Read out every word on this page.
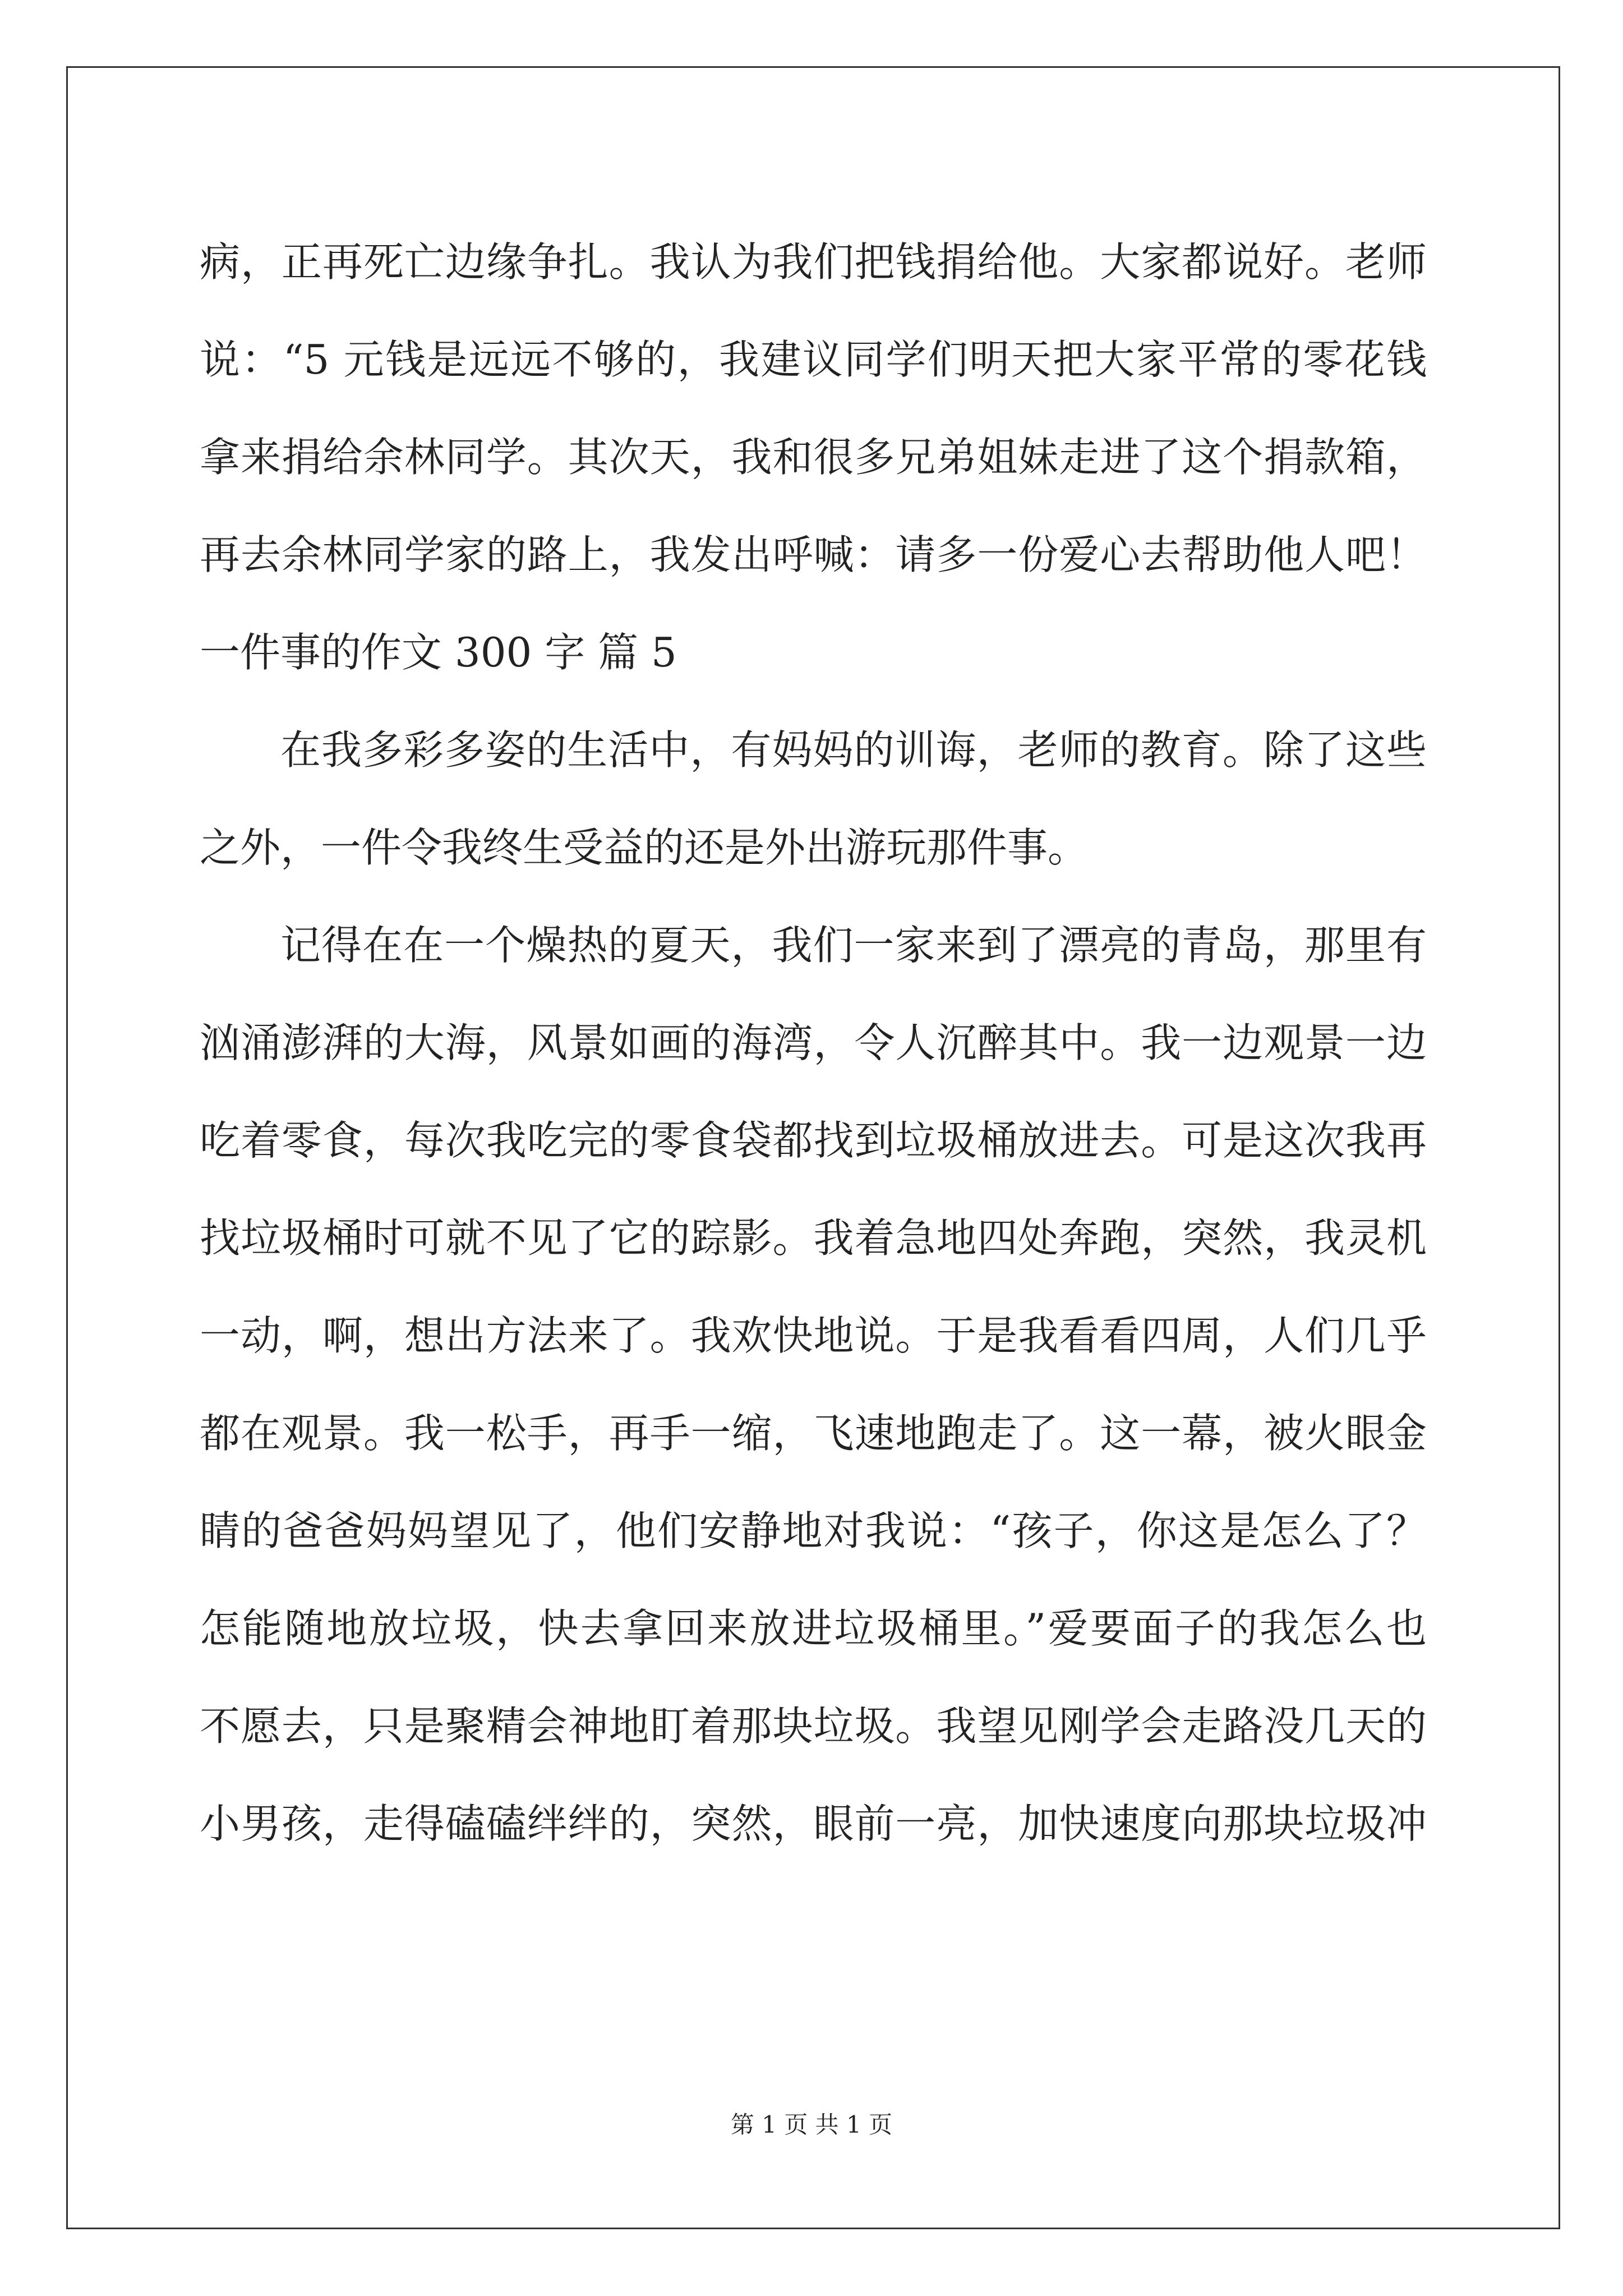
病，正再死亡边缘争扎。我认为我们把钱捐给他。大家都说好。老师
说：“5 元钱是远远不够的，我建议同学们明天把大家平常的零花钱
拿来捐给余林同学。其次天，我和很多兄弟姐妹走进了这个捐款箱，
再去余林同学家的路上，我发出呼喊：请多一份爱心去帮助他人吧！
一件事的作文 300 字 篇 5
在我多彩多姿的生活中，有妈妈的训诲，老师的教育。除了这些
之外，一件令我终生受益的还是外出游玩那件事。
记得在在一个燥热的夏天，我们一家来到了漂亮的青岛，那里有
汹涌澎湃的大海，风景如画的海湾，令人沉醉其中。我一边观景一边
吃着零食，每次我吃完的零食袋都找到垃圾桶放进去。可是这次我再
找垃圾桶时可就不见了它的踪影。我着急地四处奔跑，突然，我灵机
一动，啊，想出方法来了。我欢快地说。于是我看看四周，人们几乎
都在观景。我一松手，再手一缩，飞速地跑走了。这一幕，被火眼金
睛的爸爸妈妈望见了，他们安静地对我说：“孩子，你这是怎么了？
怎能随地放垃圾，快去拿回来放进垃圾桶里。”爱要面子的我怎么也
不愿去，只是聚精会神地盯着那块垃圾。我望见刚学会走路没几天的
小男孩，走得磕磕绊绊的，突然，眼前一亮，加快速度向那块垃圾冲
第 1 页 共 1 页
